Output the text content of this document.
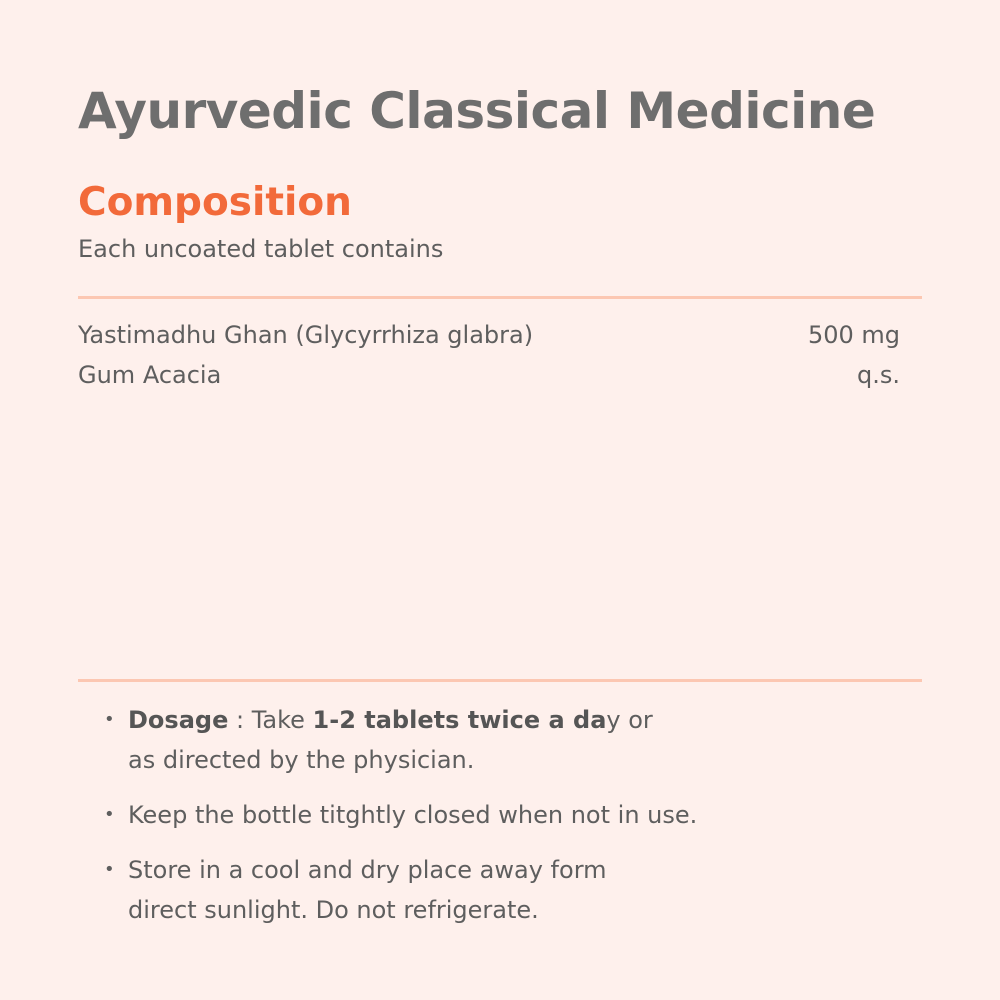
Ayurvedic Classical Medicine
Composition
Each uncoated tablet contains
Yastimadhu Ghan (Glycyrrhiza glabra)	500 mg
Gum Acacia	q.s.
• Dosage : Take 1-2 tablets twice a day or
as directed by the physician.
• Keep the bottle titghtly closed when not in use.
• Store in a cool and dry place away form
direct sunlight. Do not refrigerate.
